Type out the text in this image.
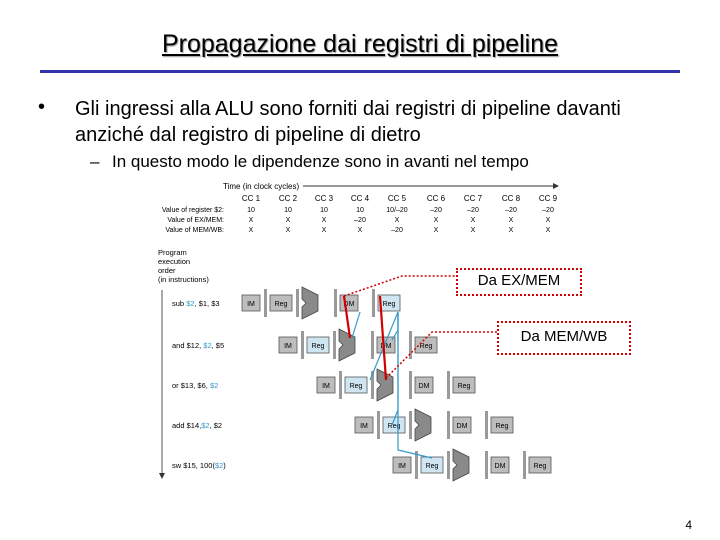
Propagazione dai registri di pipeline
• Gli ingressi alla ALU sono forniti dai registri di pipeline davanti anziché dal registro di pipeline di dietro
– In questo modo le dipendenze sono in avanti nel tempo
Time (in clock cycles)
CC 1 CC 2 CC 3 CC 4 CC 5	CC 6 CC 7 CC 8 CC 9
Value of register $2:	10	10	10	10	10/–20	–20	–20	–20	–20
Value of EX/MEM:	X	X	X	–20	X	X	X	X	X
Value of MEM/WB:	X	X	X	X	–20	X	X	X	X
Program
execution
order
(in instructions)
sub $2, $1, $3
and $12, $2, $5
or $13, $6, $2
add $14,$2, $2
sw $15, 100($2)
IM	Reg	DM	Reg
IM	Reg	DM	Reg
IM	Reg	DM	Reg
IM	Reg	DM	Reg
IM	Reg	DM	Reg
Da EX/MEM
Da MEM/WB
4
